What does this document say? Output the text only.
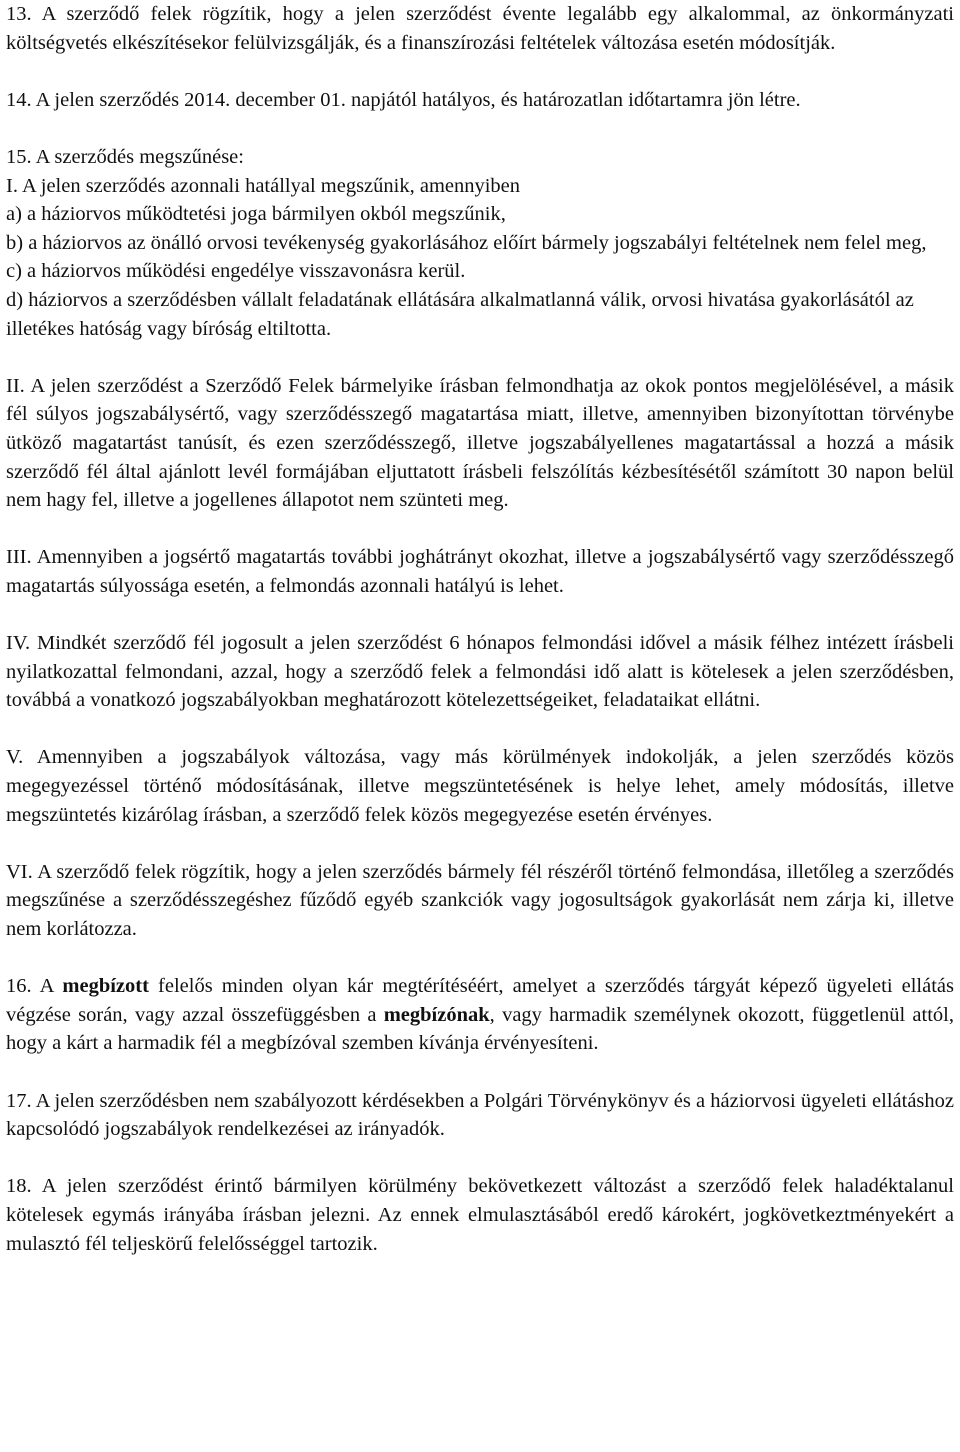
13. A szerződő felek rögzítik, hogy a jelen szerződést évente legalább egy alkalommal, az önkormányzati költségvetés elkészítésekor felülvizsgálják, és a finanszírozási feltételek változása esetén módosítják.

14. A jelen szerződés 2014. december 01. napjától hatályos, és határozatlan időtartamra jön létre.

15. A szerződés megszűnése:

I. A jelen szerződés azonnali hatállyal megszűnik, amennyiben

a) a háziorvos működtetési joga bármilyen okból megszűnik,

b) a háziorvos az önálló orvosi tevékenység gyakorlásához előírt bármely jogszabályi feltételnek nem felel meg,

c) a háziorvos működési engedélye visszavonásra kerül.

d) háziorvos a szerződésben vállalt feladatának ellátására alkalmatlanná válik, orvosi hivatása gyakorlásától az illetékes hatóság vagy bíróság eltiltotta.

II. A jelen szerződést a Szerződő Felek bármelyike írásban felmondhatja az okok pontos megjelölésével, a másik fél súlyos jogszabálysértő, vagy szerződésszegő magatartása miatt, illetve, amennyiben bizonyítottan törvénybe ütköző magatartást tanúsít, és ezen szerződésszegő, illetve jogszabályellenes magatartással a hozzá a másik szerződő fél által ajánlott levél formájában eljuttatott írásbeli felszólítás kézbesítésétől számított 30 napon belül nem hagy fel, illetve a jogellenes állapotot nem szünteti meg.

III. Amennyiben a jogsértő magatartás további joghátrányt okozhat, illetve a jogszabálysértő vagy szerződésszegő magatartás súlyossága esetén, a felmondás azonnali hatályú is lehet.

IV. Mindkét szerződő fél jogosult a jelen szerződést 6 hónapos felmondási idővel a másik félhez intézett írásbeli nyilatkozattal felmondani, azzal, hogy a szerződő felek a felmondási idő alatt is kötelesek a jelen szerződésben, továbbá a vonatkozó jogszabályokban meghatározott kötelezettségeiket, feladataikat ellátni.

V. Amennyiben a jogszabályok változása, vagy más körülmények indokolják, a jelen szerződés közös megegyezéssel történő módosításának, illetve megszüntetésének is helye lehet, amely módosítás, illetve megszüntetés kizárólag írásban, a szerződő felek közös megegyezése esetén érvényes.

VI. A szerződő felek rögzítik, hogy a jelen szerződés bármely fél részéről történő felmondása, illetőleg a szerződés megszűnése a szerződésszegéshez fűződő egyéb szankciók vagy jogosultságok gyakorlását nem zárja ki, illetve nem korlátozza.

16. A megbízott felelős minden olyan kár megtérítéséért, amelyet a szerződés tárgyát képező ügyeleti ellátás végzése során, vagy azzal összefüggésben a megbízónak, vagy harmadik személynek okozott, függetlenül attól, hogy a kárt a harmadik fél a megbízóval szemben kívánja érvényesíteni.

17. A jelen szerződésben nem szabályozott kérdésekben a Polgári Törvénykönyv és a háziorvosi ügyeleti ellátáshoz kapcsolódó jogszabályok rendelkezései az irányadók.

18. A jelen szerződést érintő bármilyen körülmény bekövetkezett változást a szerződő felek haladéktalanul kötelesek egymás irányába írásban jelezni. Az ennek elmulasztásából eredő károkért, jogkövetkeztményekért a mulasztó fél teljeskörű felelősséggel tartozik.
